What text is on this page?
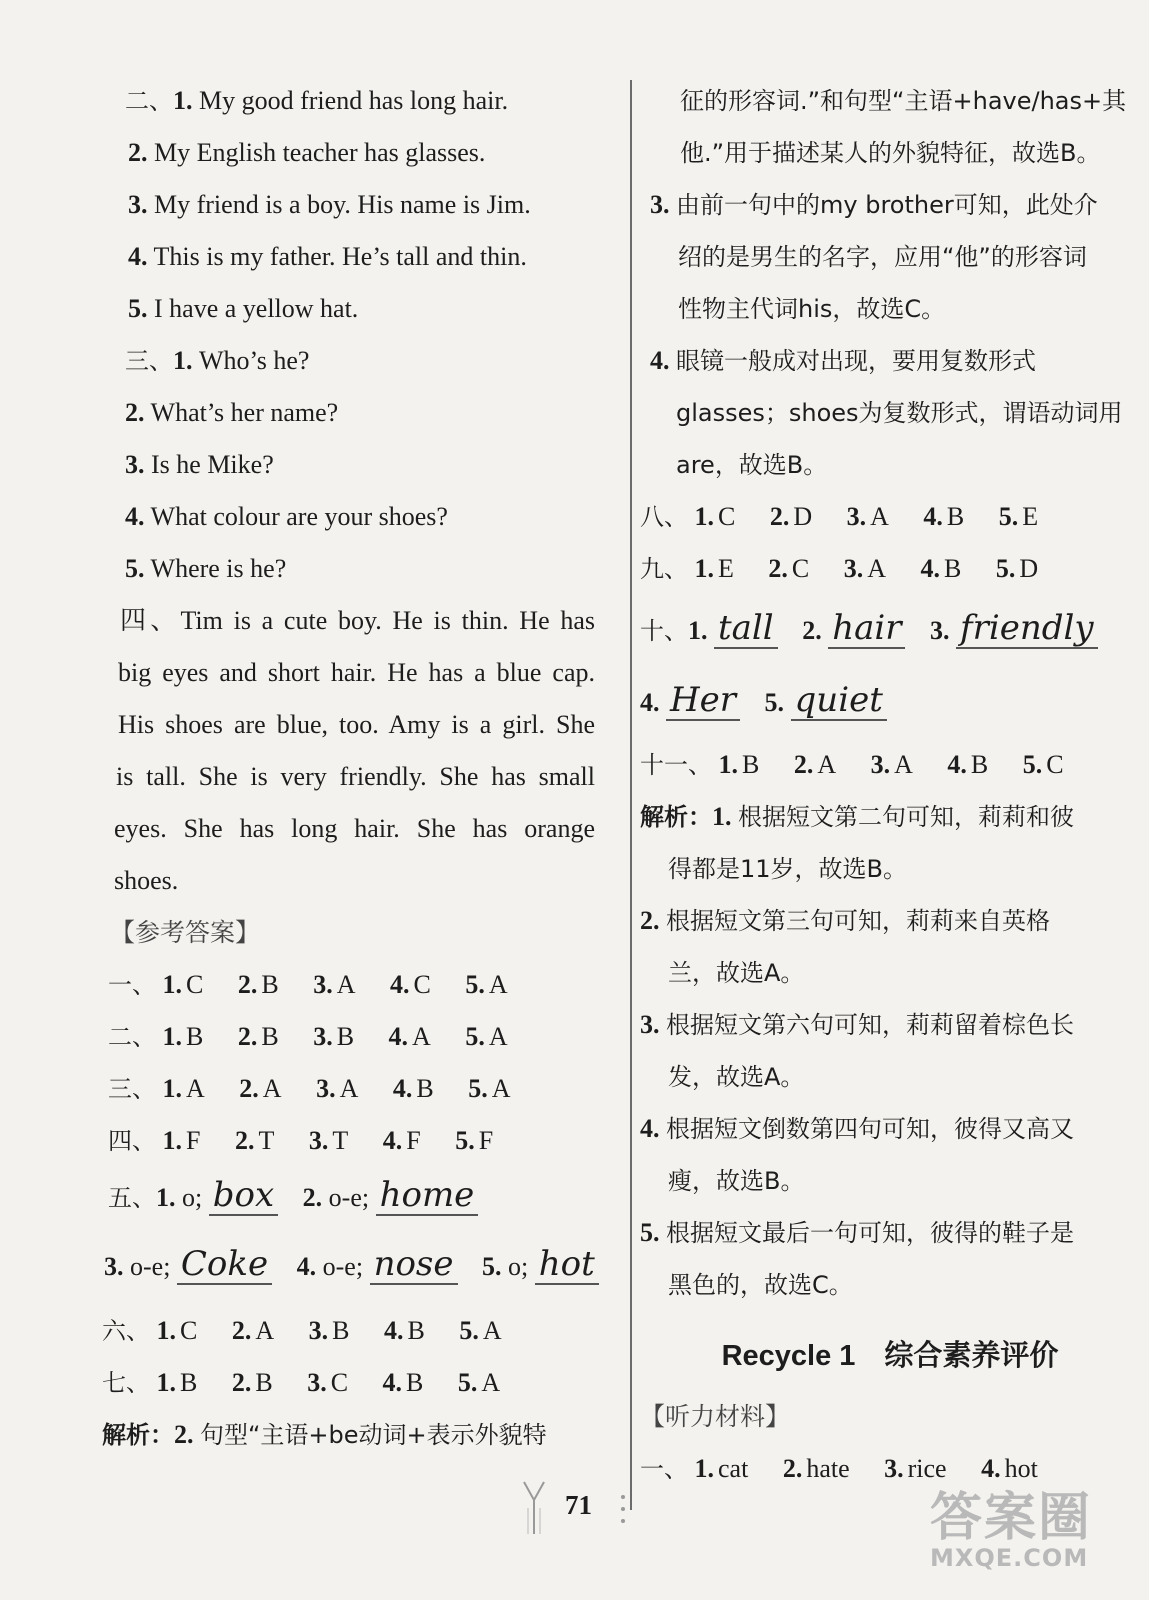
二、1. My good friend has long hair.
2. My English teacher has glasses.
3. My friend is a boy. His name is Jim.
4. This is my father. He’s tall and thin.
5. I have a yellow hat.
三、1. Who’s he?
2. What’s her name?
3. Is he Mike?
4. What colour are your shoes?
5. Where is he?
四、Tim is a cute boy. He is thin. He has
big eyes and short hair. He has a blue cap.
His shoes are blue, too. Amy is a girl. She
is tall. She is very friendly. She has small
eyes. She has long hair. She has orange
shoes.
【参考答案】
一、 1. C 2. B 3. A 4. C 5. A
二、 1. B 2. B 3. B 4. A 5. A
三、 1. A 2. A 3. A 4. B 5. A
四、 1. F 2. T 3. T 4. F 5. F
五、1. o; box 2. o-e; home
3. o-e; Coke 4. o-e; nose 5. o; hot
六、 1. C 2. A 3. B 4. B 5. A
七、 1. B 2. B 3. C 4. B 5. A
解析：2. 句型“主语+be动词+表示外貌特
征的形容词.”和句型“主语+have/has+其
他.”用于描述某人的外貌特征，故选B。
3. 由前一句中的my brother可知，此处介
绍的是男生的名字，应用“他”的形容词
性物主代词his，故选C。
4. 眼镜一般成对出现，要用复数形式
glasses；shoes为复数形式，谓语动词用
are，故选B。
八、 1. C 2. D 3. A 4. B 5. E
九、 1. E 2. C 3. A 4. B 5. D
十、1. tall 2. hair 3. friendly
4. Her 5. quiet
十一、 1. B 2. A 3. A 4. B 5. C
解析：1. 根据短文第二句可知，莉莉和彼
得都是11岁，故选B。
2. 根据短文第三句可知，莉莉来自英格
兰，故选A。
3. 根据短文第六句可知，莉莉留着棕色长
发，故选A。
4. 根据短文倒数第四句可知，彼得又高又
瘦，故选B。
5. 根据短文最后一句可知，彼得的鞋子是
黑色的，故选C。
Recycle 1　综合素养评价
【听力材料】
一、 1. cat 2. hate 3. rice 4. hot
71	答案圈
MXQE.COM
